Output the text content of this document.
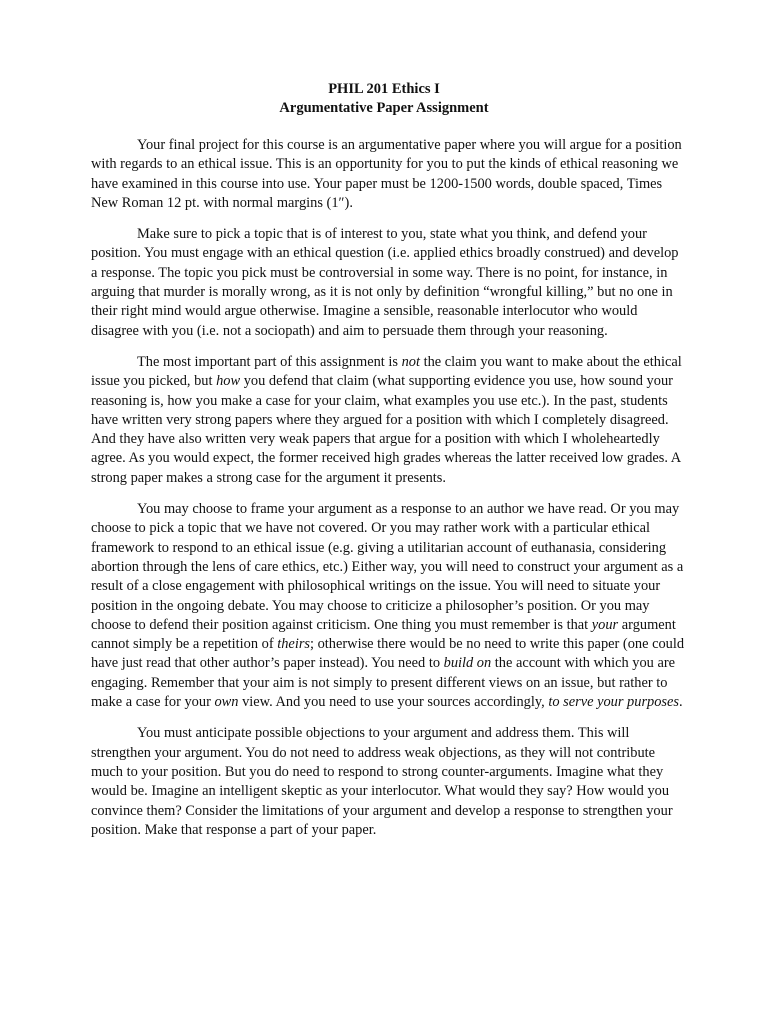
PHIL 201 Ethics I
Argumentative Paper Assignment

Your final project for this course is an argumentative paper where you will argue for a position with regards to an ethical issue. This is an opportunity for you to put the kinds of ethical reasoning we have examined in this course into use. Your paper must be 1200-1500 words, double spaced, Times New Roman 12 pt. with normal margins (1″).

Make sure to pick a topic that is of interest to you, state what you think, and defend your position. You must engage with an ethical question (i.e. applied ethics broadly construed) and develop a response. The topic you pick must be controversial in some way. There is no point, for instance, in arguing that murder is morally wrong, as it is not only by definition “wrongful killing,” but no one in their right mind would argue otherwise. Imagine a sensible, reasonable interlocutor who would disagree with you (i.e. not a sociopath) and aim to persuade them through your reasoning.

The most important part of this assignment is not the claim you want to make about the ethical issue you picked, but how you defend that claim (what supporting evidence you use, how sound your reasoning is, how you make a case for your claim, what examples you use etc.). In the past, students have written very strong papers where they argued for a position with which I completely disagreed. And they have also written very weak papers that argue for a position with which I wholeheartedly agree. As you would expect, the former received high grades whereas the latter received low grades. A strong paper makes a strong case for the argument it presents.

You may choose to frame your argument as a response to an author we have read. Or you may choose to pick a topic that we have not covered. Or you may rather work with a particular ethical framework to respond to an ethical issue (e.g. giving a utilitarian account of euthanasia, considering abortion through the lens of care ethics, etc.) Either way, you will need to construct your argument as a result of a close engagement with philosophical writings on the issue. You will need to situate your position in the ongoing debate. You may choose to criticize a philosopher’s position. Or you may choose to defend their position against criticism. One thing you must remember is that your argument cannot simply be a repetition of theirs; otherwise there would be no need to write this paper (one could have just read that other author’s paper instead). You need to build on the account with which you are engaging. Remember that your aim is not simply to present different views on an issue, but rather to make a case for your own view. And you need to use your sources accordingly, to serve your purposes.

You must anticipate possible objections to your argument and address them. This will strengthen your argument. You do not need to address weak objections, as they will not contribute much to your position. But you do need to respond to strong counter-arguments. Imagine what they would be. Imagine an intelligent skeptic as your interlocutor. What would they say? How would you convince them? Consider the limitations of your argument and develop a response to strengthen your position. Make that response a part of your paper.
